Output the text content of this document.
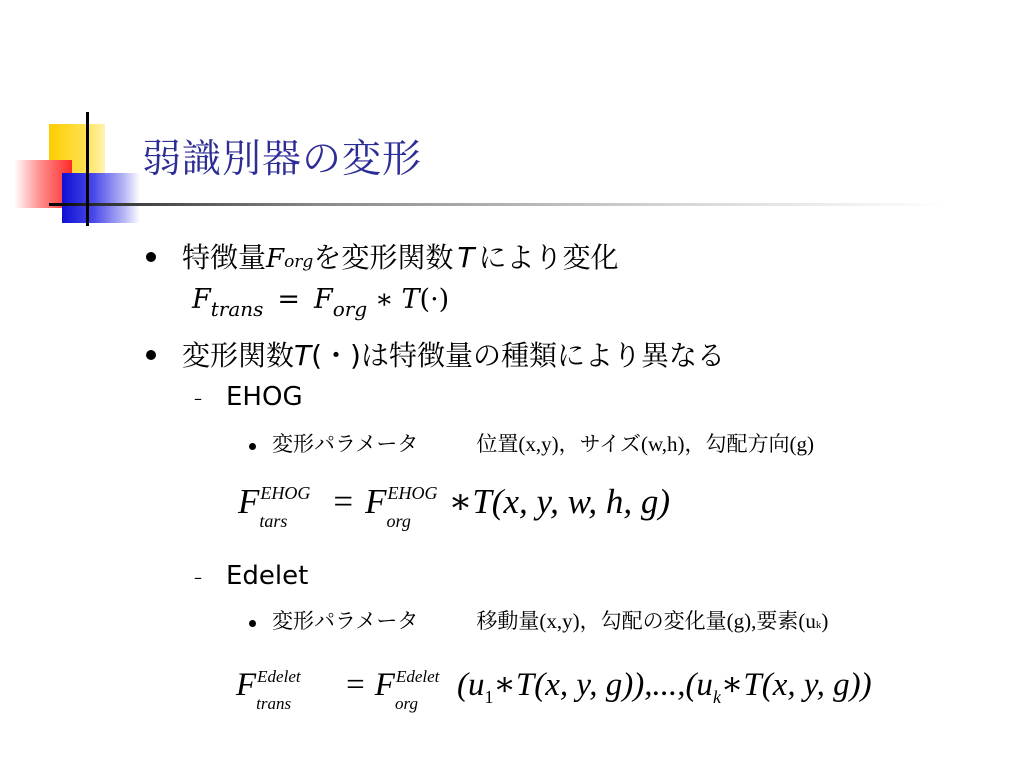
弱識別器の変形
特徴量Forgを変形関数 T により変化
$F_{trans} = F_{org}$ ∗ T(·)
変形関数T(・)は特徴量の種類により異なる
– EHOG
変形パラメータ	位置(x,y)，サイズ(w,h)，勾配方向(g)
F EHOG
tars = F EHOG
org ∗T(x, y, w, h, g)
– Edelet
変形パラメータ	移動量(x,y)，勾配の変化量(g),要素(uk)
F Edelet
trans
= F Edelet
org
($u_1∗T(x$, y, $g)),...,(u_k∗T(x$, y, g))
